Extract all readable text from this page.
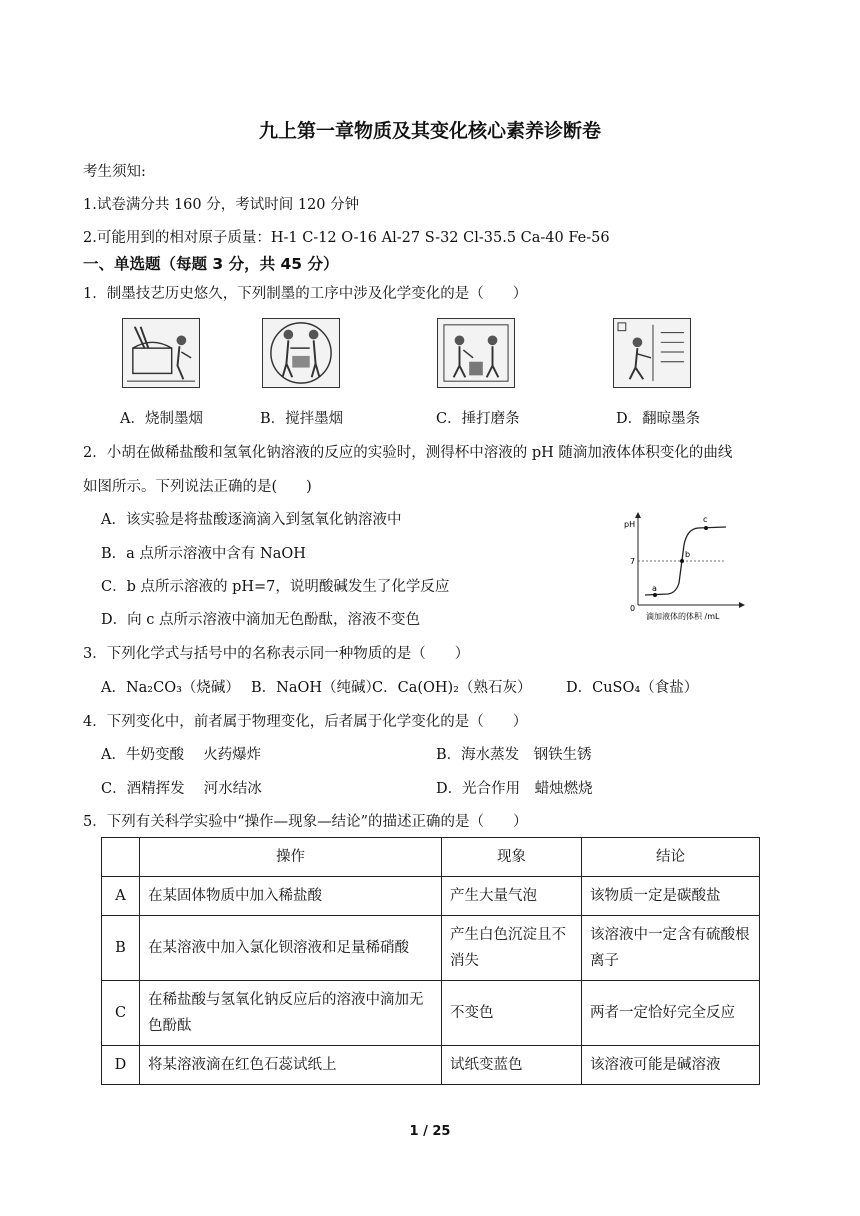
九上第一章物质及其变化核心素养诊断卷
考生须知:
1.试卷满分共 160 分，考试时间 120 分钟
2.可能用到的相对原子质量：H-1 C-12 O-16 Al-27 S-32 Cl-35.5 Ca-40 Fe-56
一、单选题（每题 3 分，共 45 分）
1．制墨技艺历史悠久，下列制墨的工序中涉及化学变化的是（　　）
A．烧制墨烟	B．搅拌墨烟	C．捶打磨条	D．翻晾墨条
2．小胡在做稀盐酸和氢氧化钠溶液的反应的实验时，测得杯中溶液的 pH 随滴加液体体积变化的曲线
如图所示。下列说法正确的是(　　)
A．该实验是将盐酸逐滴滴入到氢氧化钠溶液中
B．a 点所示溶液中含有 NaOH
C．b 点所示溶液的 pH=7，说明酸碱发生了化学反应
D．向 c 点所示溶液中滴加无色酚酞，溶液不变色
pH
0
7
a
b
c
滴加液体的体积 /mL
3．下列化学式与括号中的名称表示同一种物质的是（　　）
A．Na₂CO₃（烧碱） B．NaOH（纯碱）
C．Ca(OH)₂（熟石灰） D．CuSO₄（食盐）
4．下列变化中，前者属于物理变化，后者属于化学变化的是（　　）
A．牛奶变酸　 火药爆炸	B．海水蒸发　钢铁生锈
C．酒精挥发　 河水结冰	D．光合作用　蜡烛燃烧
5．下列有关科学实验中“操作—现象—结论”的描述正确的是（　　）
	操作	现象	结论
A	在某固体物质中加入稀盐酸	产生大量气泡	该物质一定是碳酸盐
B	在某溶液中加入氯化钡溶液和足量稀硝酸	产生白色沉淀且不消失	该溶液中一定含有硫酸根离子
C	在稀盐酸与氢氧化钠反应后的溶液中滴加无色酚酞	不变色	两者一定恰好完全反应
D	将某溶液滴在红色石蕊试纸上	试纸变蓝色	该溶液可能是碱溶液
1 / 25
